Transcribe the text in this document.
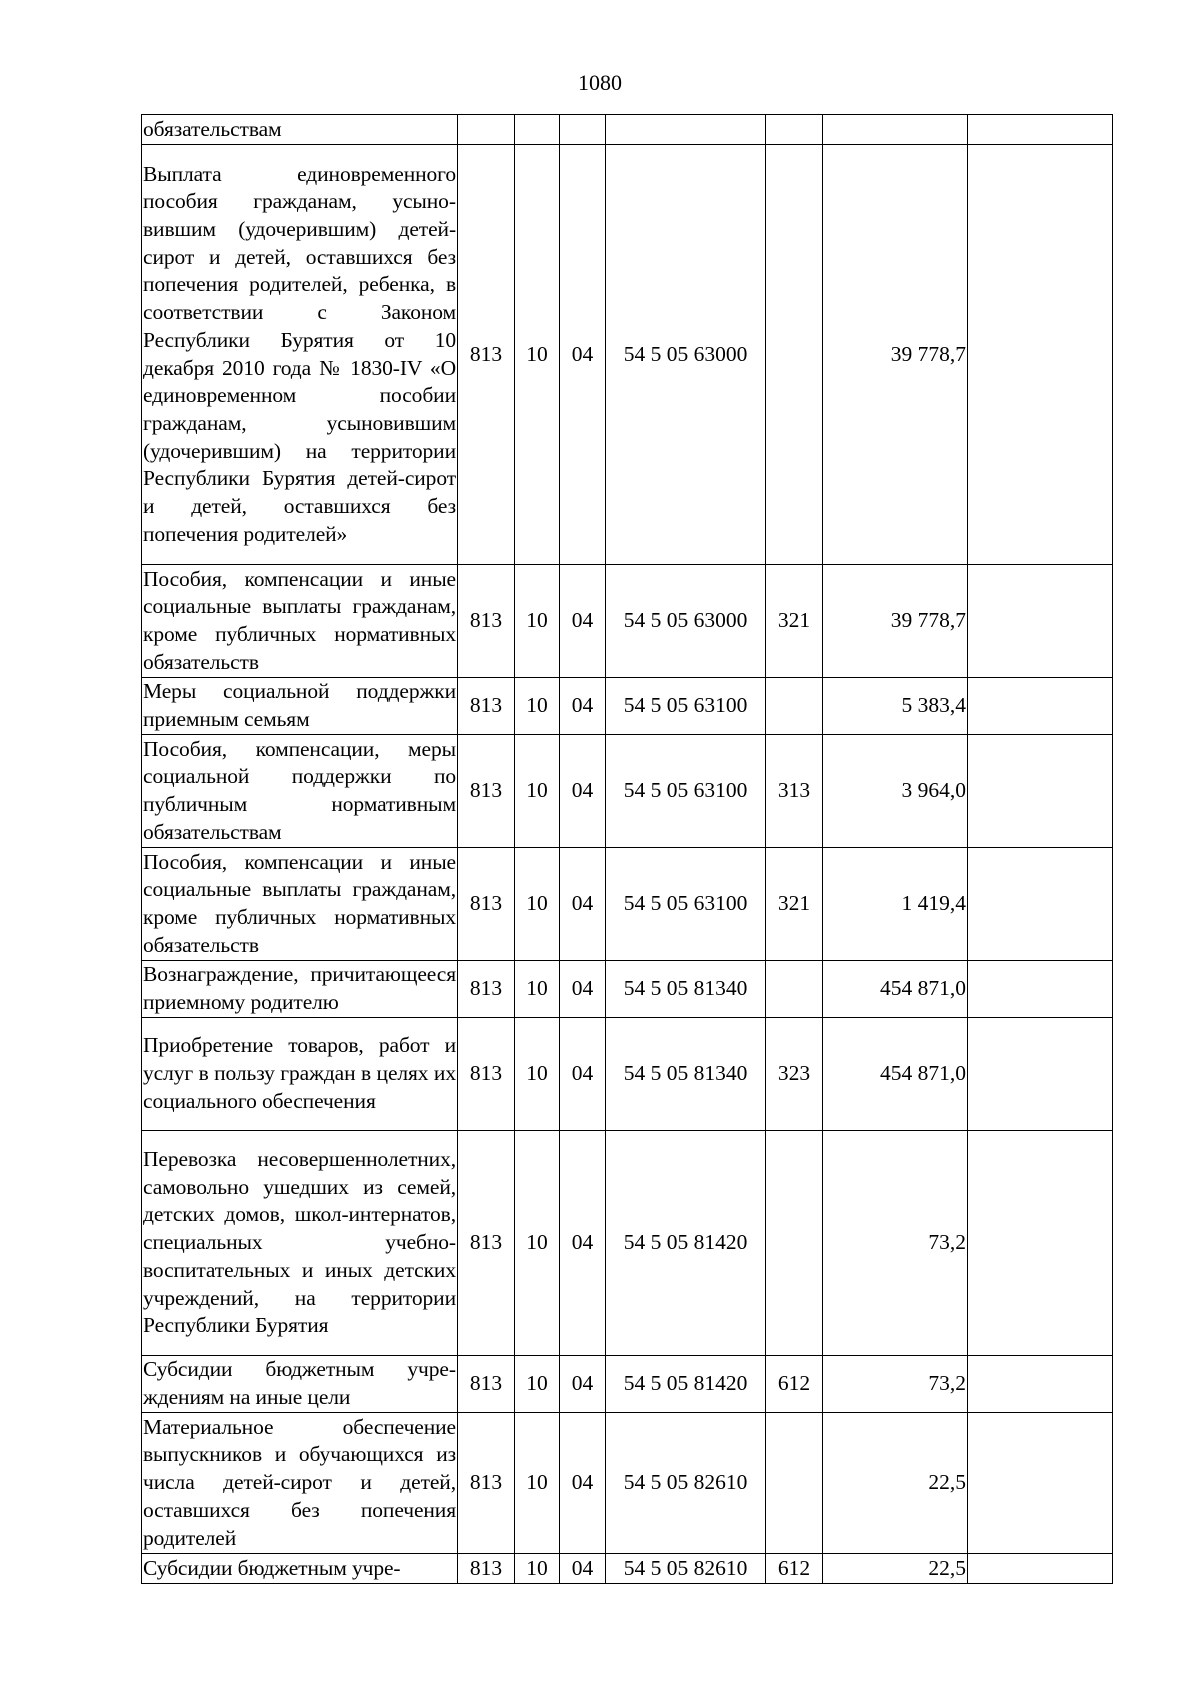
1080
обязательствам							
Выплата единовременного пособия гражданам, усыновившим (удочерившим) детей-сирот и детей, оставшихся без попечения родителей, ребенка, в соответствии с Законом Республики Бурятия от 10 декабря 2010 года № 1830-IV «О единовременном пособии гражданам, усыновившим (удочерившим) на территории Республики Бурятия детей-сирот и детей, оставшихся без попечения родителей»	813	10	04	54 5 05 63000		39 778,7	
Пособия, компенсации и иные социальные выплаты гражданам, кроме публичных нормативных обязательств	813	10	04	54 5 05 63000	321	39 778,7	
Меры социальной поддержки приемным семьям	813	10	04	54 5 05 63100		5 383,4	
Пособия, компенсации, меры социальной поддержки по публичным нормативным обязательствам	813	10	04	54 5 05 63100	313	3 964,0	
Пособия, компенсации и иные социальные выплаты гражданам, кроме публичных нормативных обязательств	813	10	04	54 5 05 63100	321	1 419,4	
Вознаграждение, причитающееся приемному родителю	813	10	04	54 5 05 81340		454 871,0	
Приобретение товаров, работ и услуг в пользу граждан в целях их социального обеспечения	813	10	04	54 5 05 81340	323	454 871,0	
Перевозка несовершеннолетних, самовольно ушедших из семей, детских домов, школ-интернатов, специальных учебно-воспитательных и иных детских учреждений, на территории Республики Бурятия	813	10	04	54 5 05 81420		73,2	
Субсидии бюджетным учреждениям на иные цели	813	10	04	54 5 05 81420	612	73,2	
Материальное обеспечение выпускников и обучающихся из числа детей-сирот и детей, оставшихся без попечения родителей	813	10	04	54 5 05 82610		22,5	
Субсидии бюджетным учре-	813	10	04	54 5 05 82610	612	22,5	
